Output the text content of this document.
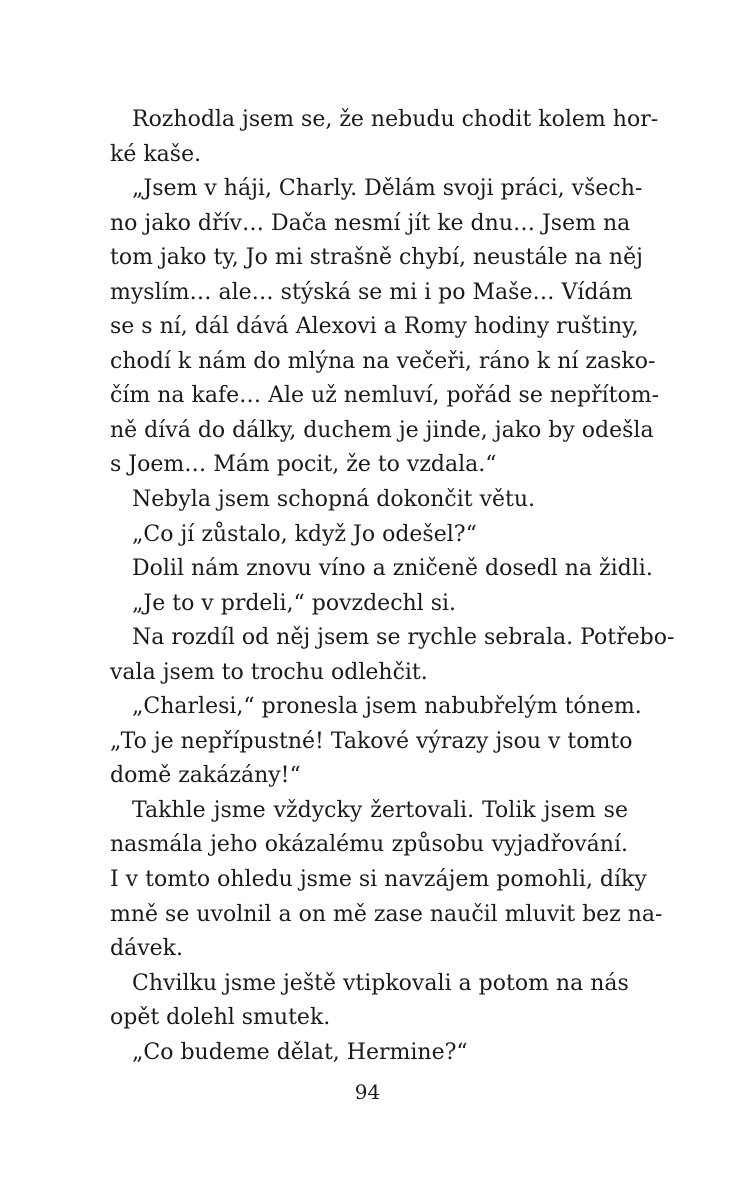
Rozhodla jsem se, že nebudu chodit kolem hor-
ké kaše.
„Jsem v háji, Charly. Dělám svoji práci, všech-
no jako dřív… Dača nesmí jít ke dnu… Jsem na
tom jako ty, Jo mi strašně chybí, neustále na něj
myslím… ale… stýská se mi i po Maše… Vídám
se s ní, dál dává Alexovi a Romy hodiny ruštiny,
chodí k nám do mlýna na večeři, ráno k ní zasko-
čím na kafe… Ale už nemluví, pořád se nepřítom-
ně dívá do dálky, duchem je jinde, jako by odešla
s Joem… Mám pocit, že to vzdala.“
Nebyla jsem schopná dokončit větu.
„Co jí zůstalo, když Jo odešel?“
Dolil nám znovu víno a zničeně dosedl na židli.
„Je to v prdeli,“ povzdechl si.
Na rozdíl od něj jsem se rychle sebrala. Potřebo-
vala jsem to trochu odlehčit.
„Charlesi,“ pronesla jsem nabubřelým tónem.
„To je nepřípustné! Takové výrazy jsou v tomto
domě zakázány!“
Takhle jsme vždycky žertovali. Tolik jsem se
nasmála jeho okázalému způsobu vyjadřování.
I v tomto ohledu jsme si navzájem pomohli, díky
mně se uvolnil a on mě zase naučil mluvit bez na-
dávek.
Chvilku jsme ještě vtipkovali a potom na nás
opět dolehl smutek.
„Co budeme dělat, Hermine?“
94
